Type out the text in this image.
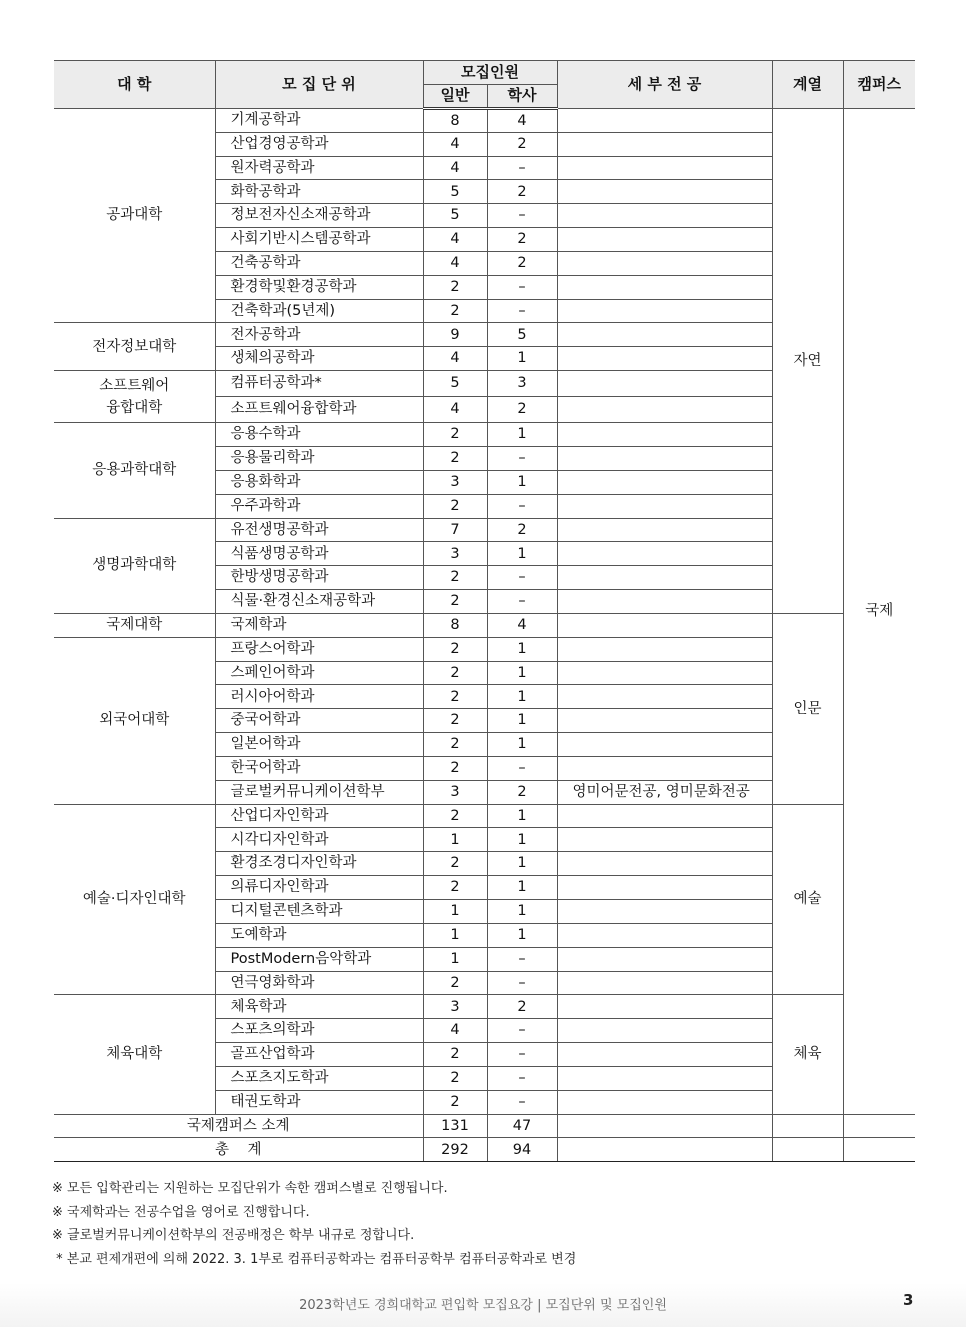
대 학	모 집 단 위	모집인원		세 부 전 공	계열	캠퍼스
		일반	학사			
공과대학	기계공학과	8	4		자연	국제
	산업경영공학과	4	2			
	원자력공학과	4	–			
	화학공학과	5	2			
	정보전자신소재공학과	5	–			
	사회기반시스템공학과	4	2			
	건축공학과	4	2			
	환경학및환경공학과	2	–			
	건축학과(5년제)	2	–			
전자정보대학	전자공학과	9	5			
	생체의공학과	4	1			
소프트웨어
융합대학	컴퓨터공학과*	5	3			
	소프트웨어융합학과	4	2			
응용과학대학	응용수학과	2	1			
	응용물리학과	2	–			
	응용화학과	3	1			
	우주과학과	2	–			
생명과학대학	유전생명공학과	7	2			
	식품생명공학과	3	1			
	한방생명공학과	2	–			
	식물·환경신소재공학과	2	–			
국제대학	국제학과	8	4		인문	
외국어대학	프랑스어학과	2	1			
	스페인어학과	2	1			
	러시아어학과	2	1			
	중국어학과	2	1			
	일본어학과	2	1			
	한국어학과	2	–			
	글로벌커뮤니케이션학부	3	2	영미어문전공, 영미문화전공		
예술·디자인대학	산업디자인학과	2	1		예술	
	시각디자인학과	1	1			
	환경조경디자인학과	2	1			
	의류디자인학과	2	1			
	디지털콘텐츠학과	1	1			
	도예학과	1	1			
	PostModern음악학과	1	–			
	연극영화학과	2	–			
체육대학	체육학과	3	2		체육	
	스포츠의학과	4	–			
	골프산업학과	2	–			
	스포츠지도학과	2	–			
	태권도학과	2	–			
국제캠퍼스 소계		131	47			
총    계		292	94			
※ 모든 입학관리는 지원하는 모집단위가 속한 캠퍼스별로 진행됩니다.
※ 국제학과는 전공수업을 영어로 진행합니다.
※ 글로벌커뮤니케이션학부의 전공배정은 학부 내규로 정합니다.
* 본교 편제개편에 의해 2022. 3. 1부로 컴퓨터공학과는 컴퓨터공학부 컴퓨터공학과로 변경
2023학년도 경희대학교 편입학 모집요강 | 모집단위 및 모집인원	3
